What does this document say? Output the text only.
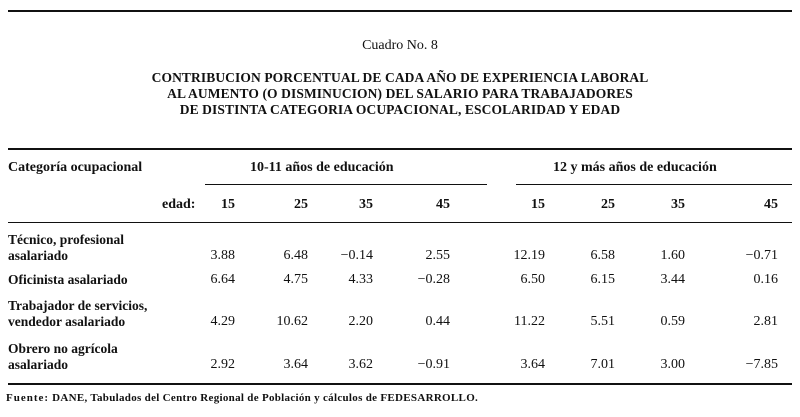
Cuadro No. 8
CONTRIBUCION PORCENTUAL DE CADA AÑO DE EXPERIENCIA LABORAL
AL AUMENTO (O DISMINUCION) DEL SALARIO PARA TRABAJADORES
DE DISTINTA CATEGORIA OCUPACIONAL, ESCOLARIDAD Y EDAD
Categoría ocupacional	10-11 años de educación	12 y más años de educación
edad:	15	25	35	45	15	25	35	45
Técnico, profesional
asalariado	3.88	6.48	−0.14	2.55	12.19	6.58	1.60	−0.71
Oficinista asalariado	6.64	4.75	4.33	−0.28	6.50	6.15	3.44	0.16
Trabajador de servicios,
vendedor asalariado	4.29	10.62	2.20	0.44	11.22	5.51	0.59	2.81
Obrero no agrícola
asalariado	2.92	3.64	3.62	−0.91	3.64	7.01	3.00	−7.85
Fuente: DANE, Tabulados del Centro Regional de Población y cálculos de FEDESARROLLO.
